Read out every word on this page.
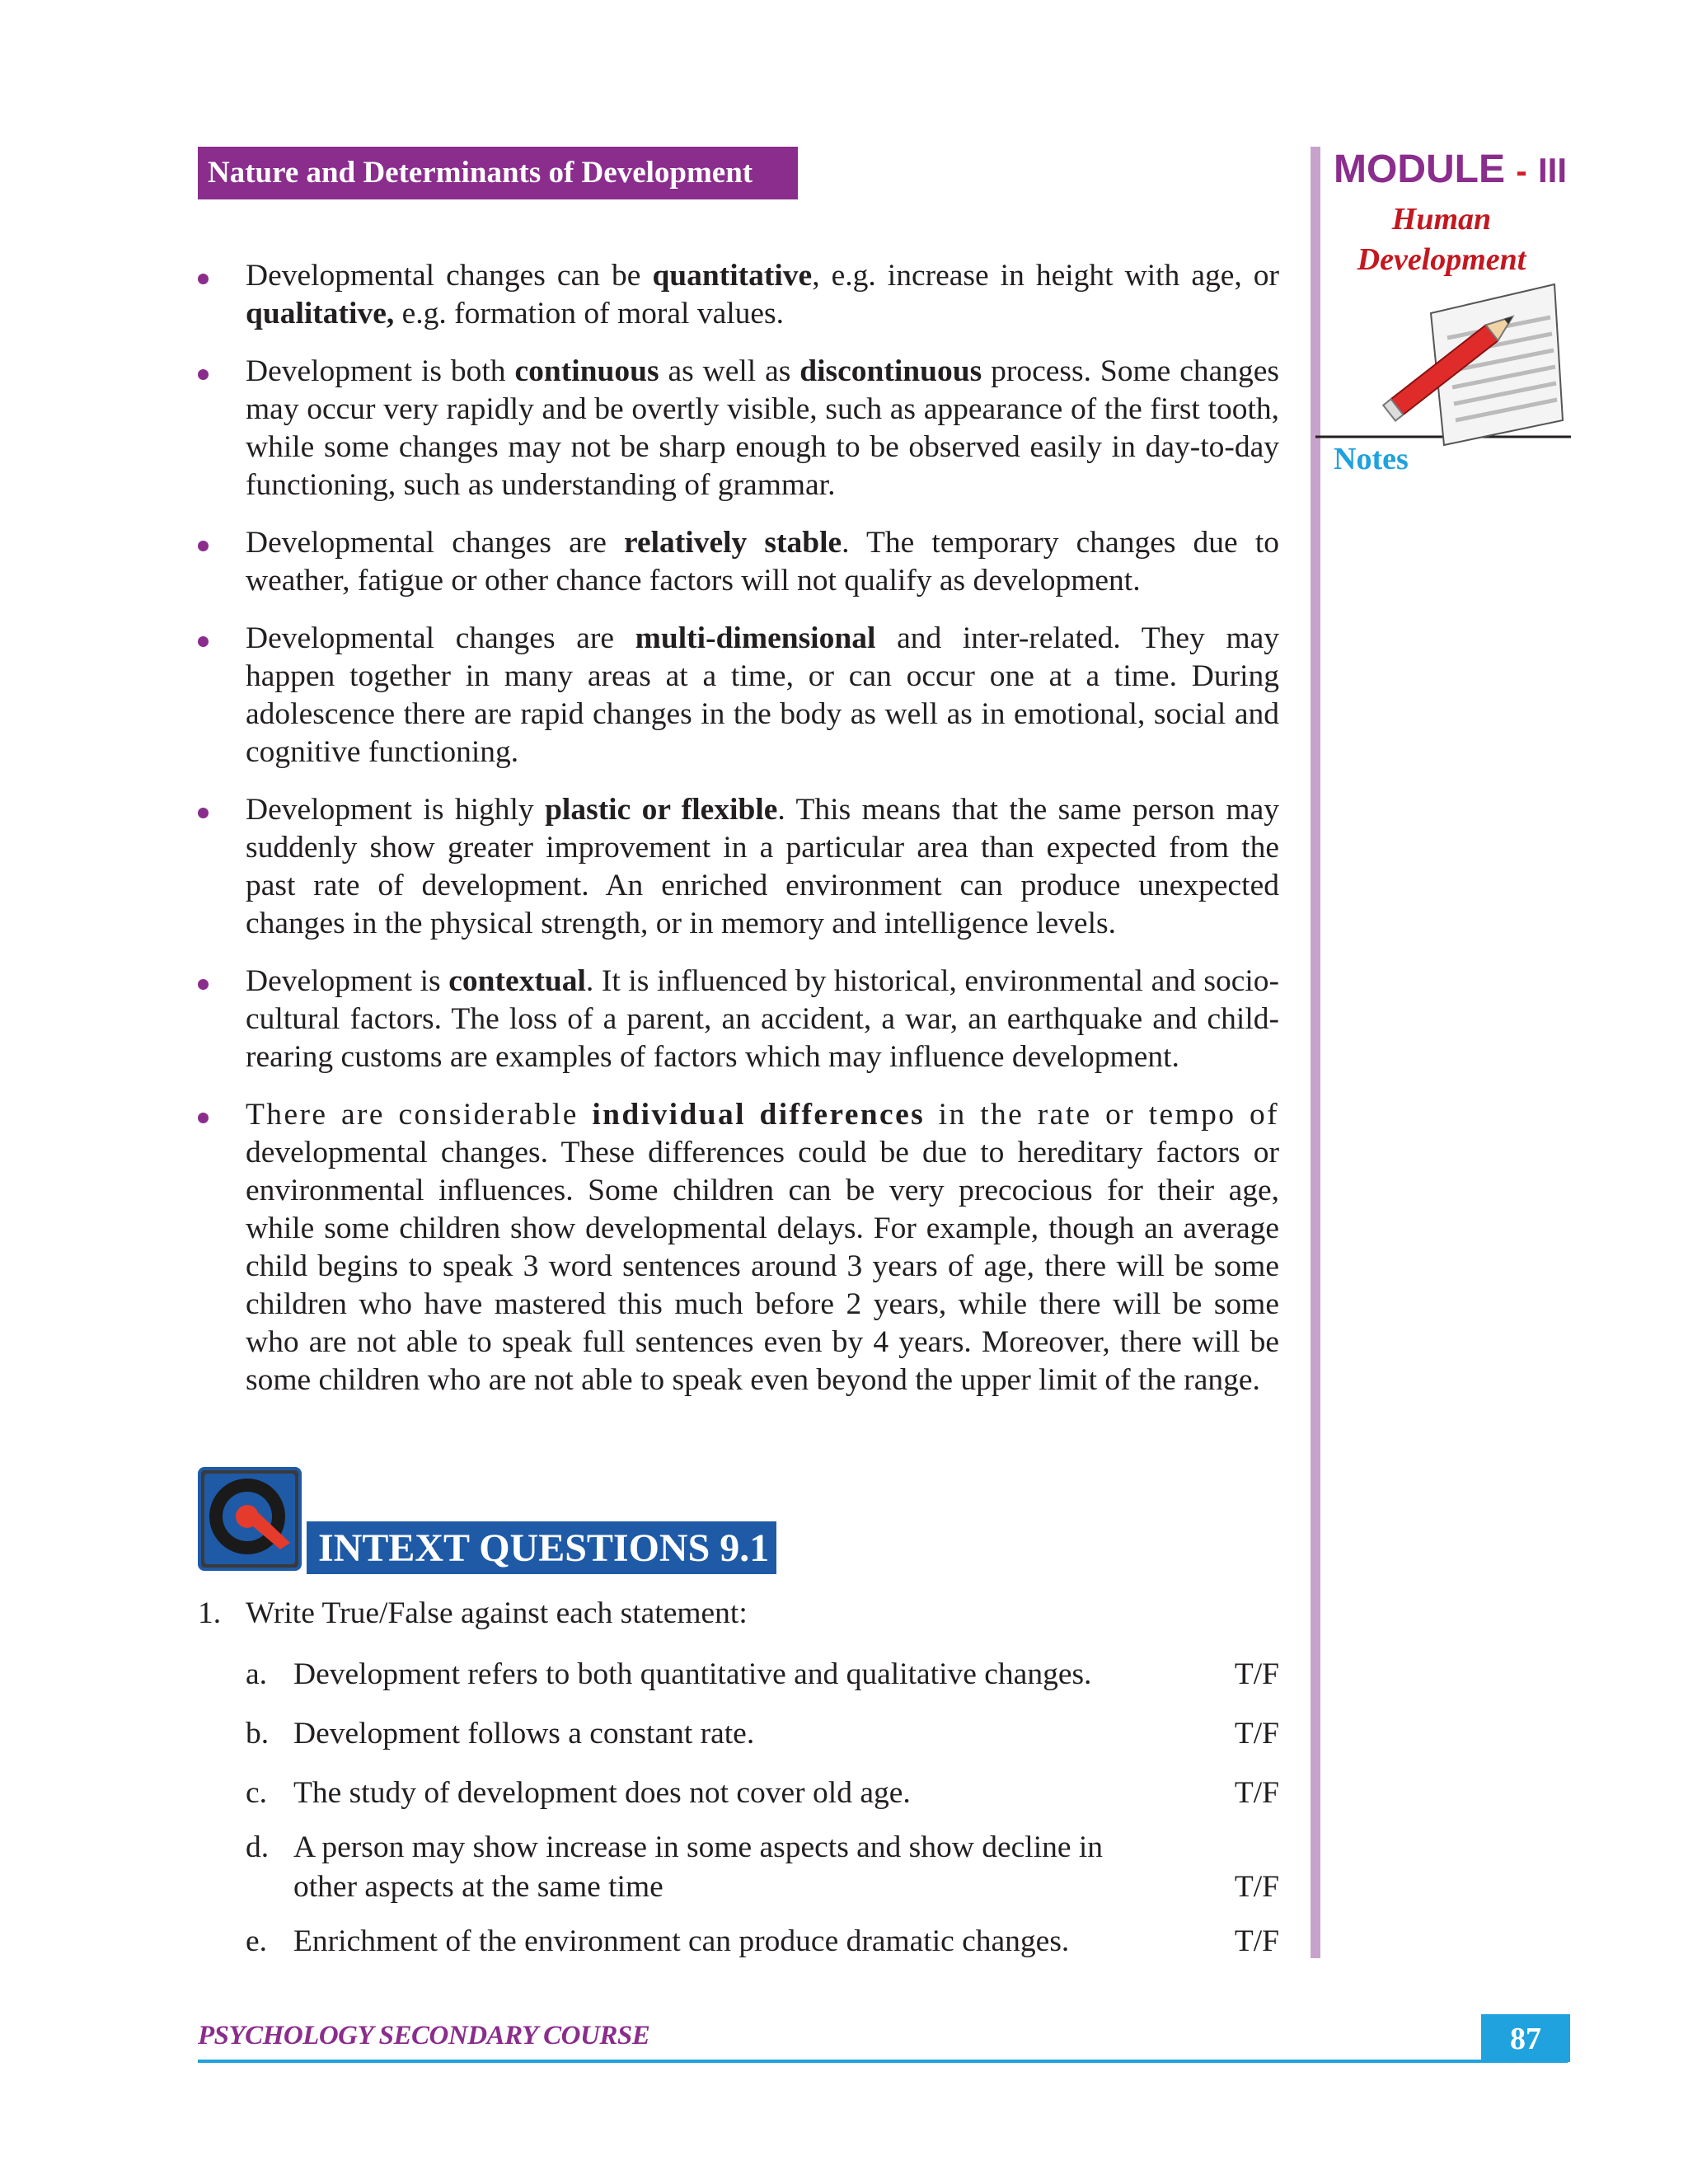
Nature and Determinants of Development	MODULE - III
Human
Development
Notes
Developmental changes can be quantitative, e.g. increase in height with age, or qualitative, e.g. formation of moral values.
Development is both continuous as well as discontinuous process. Some changes may occur very rapidly and be overtly visible, such as appearance of the first tooth, while some changes may not be sharp enough to be observed easily in day-to-day functioning, such as understanding of grammar.
Developmental changes are relatively stable. The temporary changes due to weather, fatigue or other chance factors will not qualify as development.
Developmental changes are multi-dimensional and inter-related. They may happen together in many areas at a time, or can occur one at a time. During adolescence there are rapid changes in the body as well as in emotional, social and cognitive functioning.
Development is highly plastic or flexible. This means that the same person may suddenly show greater improvement in a particular area than expected from the past rate of development. An enriched environment can produce unexpected changes in the physical strength, or in memory and intelligence levels.
Development is contextual. It is influenced by historical, environmental and socio-cultural factors. The loss of a parent, an accident, a war, an earthquake and child-rearing customs are examples of factors which may influence development.
There are considerable individual differences in the rate or tempo of developmental changes. These differences could be due to hereditary factors or environmental influences. Some children can be very precocious for their age, while some children show developmental delays. For example, though an average child begins to speak 3 word sentences around 3 years of age, there will be some children who have mastered this much before 2 years, while there will be some who are not able to speak full sentences even by 4 years. Moreover, there will be some children who are not able to speak even beyond the upper limit of the range.
INTEXT QUESTIONS 9.1
1. Write True/False against each statement:
a. Development refers to both quantitative and qualitative changes.	T/F
b. Development follows a constant rate.	T/F
c. The study of development does not cover old age.	T/F
d. A person may show increase in some aspects and show decline in
other aspects at the same time	T/F
e. Enrichment of the environment can produce dramatic changes.	T/F
PSYCHOLOGY SECONDARY COURSE	87
